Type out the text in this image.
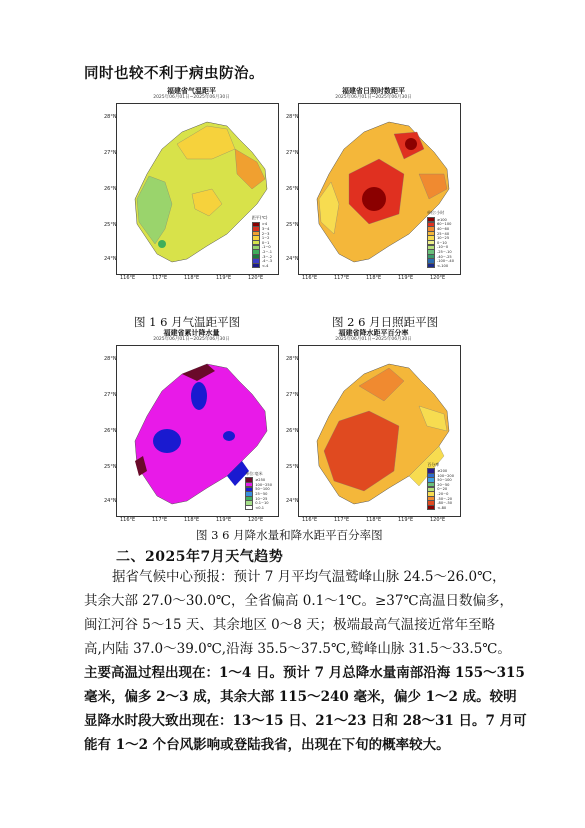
同时也较不利于病虫防治。
福建省气温距平
2025年06月01日~2025年06月30日
距平(℃)
>4
3~4
2~3
1~2
0~1
-1~0
-2~-1
-3~-2
-4~-3
<-4
28°N
27°N
26°N
25°N
24°N
116°E	117°E	118°E	119°E	120°E
福建省日照时数距平
2025年06月01日~2025年06月30日
单位:小时
≥100
60~100
40~60
25~40
10~25
0~10
-10~0
-25~-10
-40~-25
-100~-40
<-100
28°N
27°N
26°N
25°N
24°N
116°E	117°E	118°E	119°E	120°E
图 1 6 月气温距平图	图 2 6 月日照距平图
福建省累计降水量
2025年06月01日~2025年06月30日
单位:毫米
≥250
100~250
50~100
25~50
10~25
0.1~10
<0.1
28°N
27°N
26°N
25°N
24°N
116°E	117°E	118°E	119°E	120°E
福建省降水距平百分率
2025年06月01日~2025年06月30日
百分率
≥200
100~200
50~100
20~50
0~20
-20~0
-50~-20
-80~-50
<-80
28°N
27°N
26°N
25°N
24°N
116°E	117°E	118°E	119°E	120°E
图 3 6 月降水量和降水距平百分率图
二、2025年7月天气趋势
据省气候中心预报：预计 7 月平均气温鹫峰山脉 24.5～26.0℃，
其余大部 27.0～30.0℃，全省偏高 0.1～1℃。≥37℃高温日数偏多，
闽江河谷 5～15 天、其余地区 0～8 天；极端最高气温接近常年至略
高,内陆 37.0～39.0℃,沿海 35.5～37.5℃,鹫峰山脉 31.5～33.5℃。
主要高温过程出现在：1～4 日。预计 7 月总降水量南部沿海 155～315
毫米，偏多 2～3 成，其余大部 115～240 毫米，偏少 1～2 成。较明
显降水时段大致出现在：13～15 日、21～23 日和 28～31 日。7 月可
能有 1～2 个台风影响或登陆我省，出现在下旬的概率较大。
